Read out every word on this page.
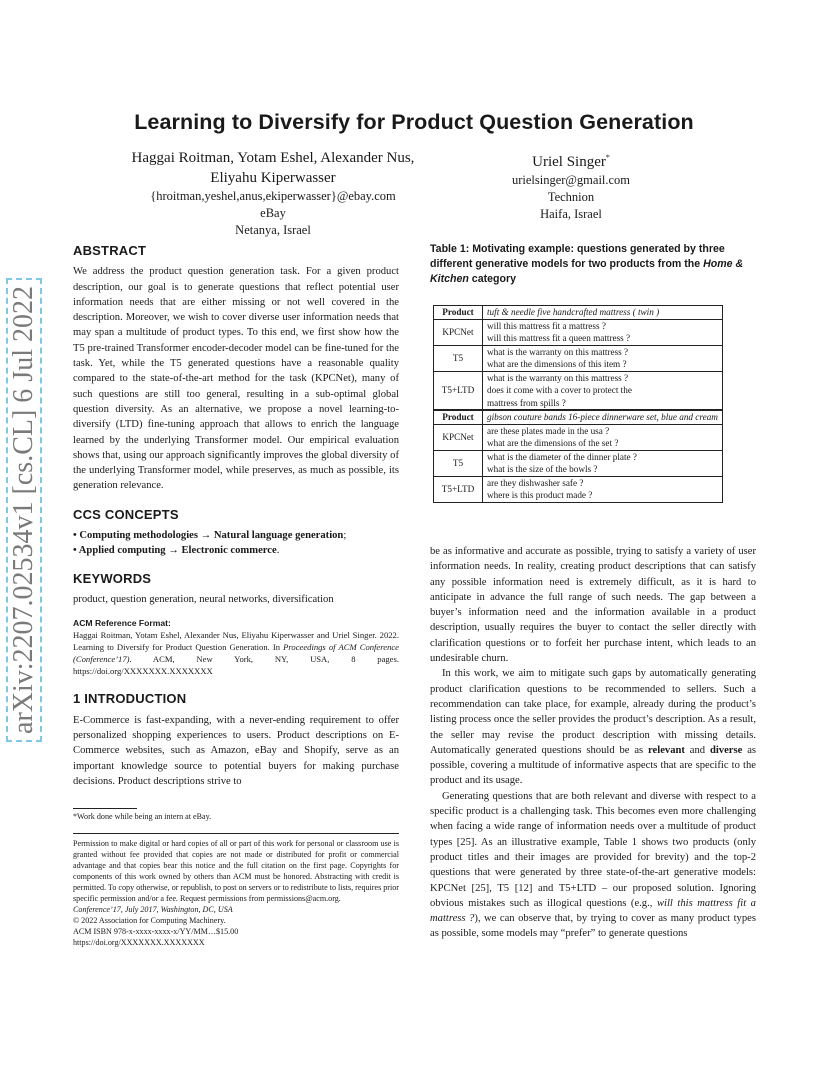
arXiv:2207.02534v1 [cs.CL] 6 Jul 2022
Learning to Diversify for Product Question Generation
Haggai Roitman, Yotam Eshel, Alexander Nus,
Eliyahu Kiperwasser
{hroitman,yeshel,anus,ekiperwasser}@ebay.com
eBay
Netanya, Israel
Uriel Singer*
urielsinger@gmail.com
Technion
Haifa, Israel
ABSTRACT

We address the product question generation task. For a given product description, our goal is to generate questions that reflect potential user information needs that are either missing or not well covered in the description. Moreover, we wish to cover diverse user information needs that may span a multitude of product types. To this end, we first show how the T5 pre-trained Transformer encoder-decoder model can be fine-tuned for the task. Yet, while the T5 generated questions have a reasonable quality compared to the state-of-the-art method for the task (KPCNet), many of such questions are still too general, resulting in a sub-optimal global question diversity. As an alternative, we propose a novel learning-to-diversify (LTD) fine-tuning approach that allows to enrich the language learned by the underlying Transformer model. Our empirical evaluation shows that, using our approach significantly improves the global diversity of the underlying Transformer model, while preserves, as much as possible, its generation relevance.

CCS CONCEPTS
• Computing methodologies → Natural language generation;
• Applied computing → Electronic commerce.
KEYWORDS

product, question generation, neural networks, diversification

ACM Reference Format:

Haggai Roitman, Yotam Eshel, Alexander Nus, Eliyahu Kiperwasser and Uriel Singer. 2022. Learning to Diversify for Product Question Generation. In Proceedings of ACM Conference (Conference’17). ACM, New York, NY, USA, 8 pages. https://doi.org/XXXXXXX.XXXXXXX

1 INTRODUCTION

E-Commerce is fast-expanding, with a never-ending requirement to offer personalized shopping experiences to users. Product descriptions on E-Commerce websites, such as Amazon, eBay and Shopify, serve as an important knowledge source to potential buyers for making purchase decisions. Product descriptions strive to

*Work done while being an intern at eBay.
Permission to make digital or hard copies of all or part of this work for personal or classroom use is granted without fee provided that copies are not made or distributed for profit or commercial advantage and that copies bear this notice and the full citation on the first page. Copyrights for components of this work owned by others than ACM must be honored. Abstracting with credit is permitted. To copy otherwise, or republish, to post on servers or to redistribute to lists, requires prior specific permission and/or a fee. Request permissions from permissions@acm.org.
Conference’17, July 2017, Washington, DC, USA
© 2022 Association for Computing Machinery.
ACM ISBN 978-x-xxxx-xxxx-x/YY/MM…$15.00
https://doi.org/XXXXXXX.XXXXXXX
Table 1: Motivating example: questions generated by three different generative models for two products from the Home & Kitchen category
Product	tuft & needle five handcrafted mattress ( twin )
KPCNet	will this mattress fit a mattress ?
will this mattress fit a queen mattress ?

T5	what is the warranty on this mattress ?
what are the dimensions of this item ?

T5+LTD	what is the warranty on this mattress ?
does it come with a cover to protect the
mattress from spills ?

Product	gibson couture bands 16-piece dinnerware set, blue and cream
KPCNet	are these plates made in the usa ?
what are the dimensions of the set ?

T5	what is the diameter of the dinner plate ?
what is the size of the bowls ?

T5+LTD	are they dishwasher safe ?
where is this product made ?

be as informative and accurate as possible, trying to satisfy a variety of user information needs. In reality, creating product descriptions that can satisfy any possible information need is extremely difficult, as it is hard to anticipate in advance the full range of such needs. The gap between a buyer’s information need and the information available in a product description, usually requires the buyer to contact the seller directly with clarification questions or to forfeit her purchase intent, which leads to an undesirable churn.

In this work, we aim to mitigate such gaps by automatically generating product clarification questions to be recommended to sellers. Such a recommendation can take place, for example, already during the product’s listing process once the seller provides the product’s description. As a result, the seller may revise the product description with missing details. Automatically generated questions should be as relevant and diverse as possible, covering a multitude of informative aspects that are specific to the product and its usage.

Generating questions that are both relevant and diverse with respect to a specific product is a challenging task. This becomes even more challenging when facing a wide range of information needs over a multitude of product types [25]. As an illustrative example, Table 1 shows two products (only product titles and their images are provided for brevity) and the top-2 questions that were generated by three state-of-the-art generative models: KPCNet [25], T5 [12] and T5+LTD – our proposed solution. Ignoring obvious mistakes such as illogical questions (e.g., will this mattress fit a mattress ?), we can observe that, by trying to cover as many product types as possible, some models may “prefer” to generate questions
